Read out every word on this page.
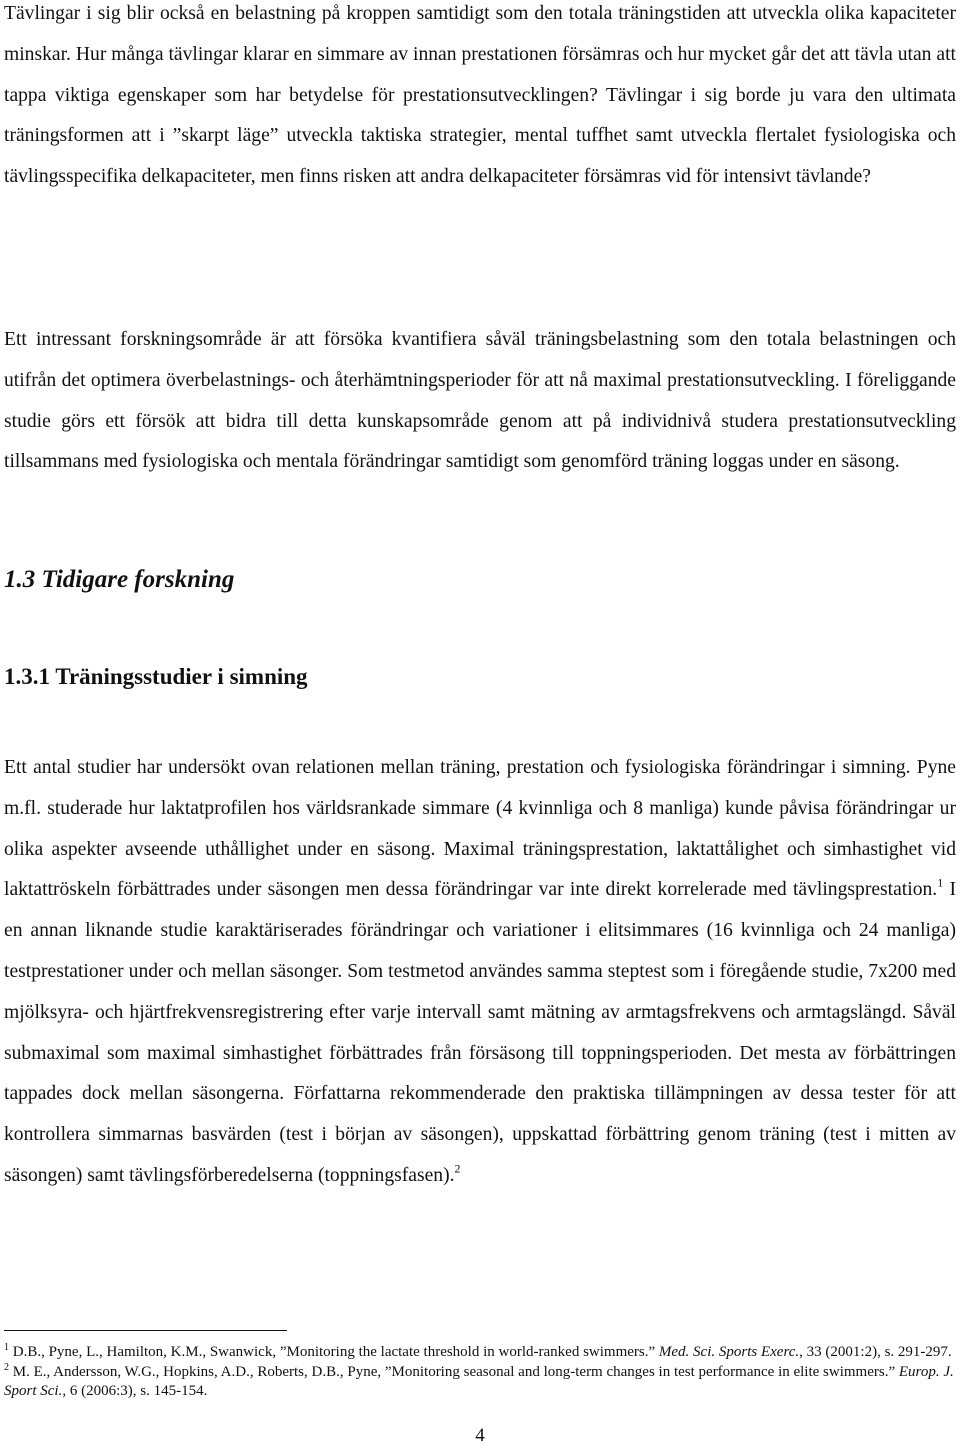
Tävlingar i sig blir också en belastning på kroppen samtidigt som den totala träningstiden att utveckla olika kapaciteter minskar. Hur många tävlingar klarar en simmare av innan prestationen försämras och hur mycket går det att tävla utan att tappa viktiga egenskaper som har betydelse för prestationsutvecklingen? Tävlingar i sig borde ju vara den ultimata träningsformen att i ”skarpt läge” utveckla taktiska strategier, mental tuffhet samt utveckla flertalet fysiologiska och tävlingsspecifika delkapaciteter, men finns risken att andra delkapaciteter försämras vid för intensivt tävlande?

Ett intressant forskningsområde är att försöka kvantifiera såväl träningsbelastning som den totala belastningen och utifrån det optimera överbelastnings- och återhämtningsperioder för att nå maximal prestationsutveckling. I föreliggande studie görs ett försök att bidra till detta kunskapsområde genom att på individnivå studera prestationsutveckling tillsammans med fysiologiska och mentala förändringar samtidigt som genomförd träning loggas under en säsong.

1.3 Tidigare forskning
1.3.1 Träningsstudier i simning

Ett antal studier har undersökt ovan relationen mellan träning, prestation och fysiologiska förändringar i simning. Pyne m.fl. studerade hur laktatprofilen hos världsrankade simmare (4 kvinnliga och 8 manliga) kunde påvisa förändringar ur olika aspekter avseende uthållighet under en säsong. Maximal träningsprestation, laktattålighet och simhastighet vid laktattröskeln förbättrades under säsongen men dessa förändringar var inte direkt korrelerade med tävlingsprestation.$^1$ I en annan liknande studie karaktäriserades förändringar och variationer i elitsimmares (16 kvinnliga och 24 manliga) testprestationer under och mellan säsonger. Som testmetod användes samma steptest som i föregående studie, 7x200 med mjölksyra- och hjärtfrekvensregistrering efter varje intervall samt mätning av armtagsfrekvens och armtagslängd. Såväl submaximal som maximal simhastighet förbättrades från försäsong till toppningsperioden. Det mesta av förbättringen tappades dock mellan säsongerna. Författarna rekommenderade den praktiska tillämpningen av dessa tester för att kontrollera simmarnas basvärden (test i början av säsongen), uppskattad förbättring genom träning (test i mitten av säsongen) samt tävlingsförberedelserna (toppningsfasen).$^2$

$^1$ D.B., Pyne, L., Hamilton, K.M., Swanwick, ”Monitoring the lactate threshold in world-ranked swimmers.” Med. Sci. Sports Exerc., 33 (2001:2), s. 291-297.

$^2$ M. E., Andersson, W.G., Hopkins, A.D., Roberts, D.B., Pyne, ”Monitoring seasonal and long-term changes in test performance in elite swimmers.” Europ. J. Sport Sci., 6 (2006:3), s. 145-154.

4
